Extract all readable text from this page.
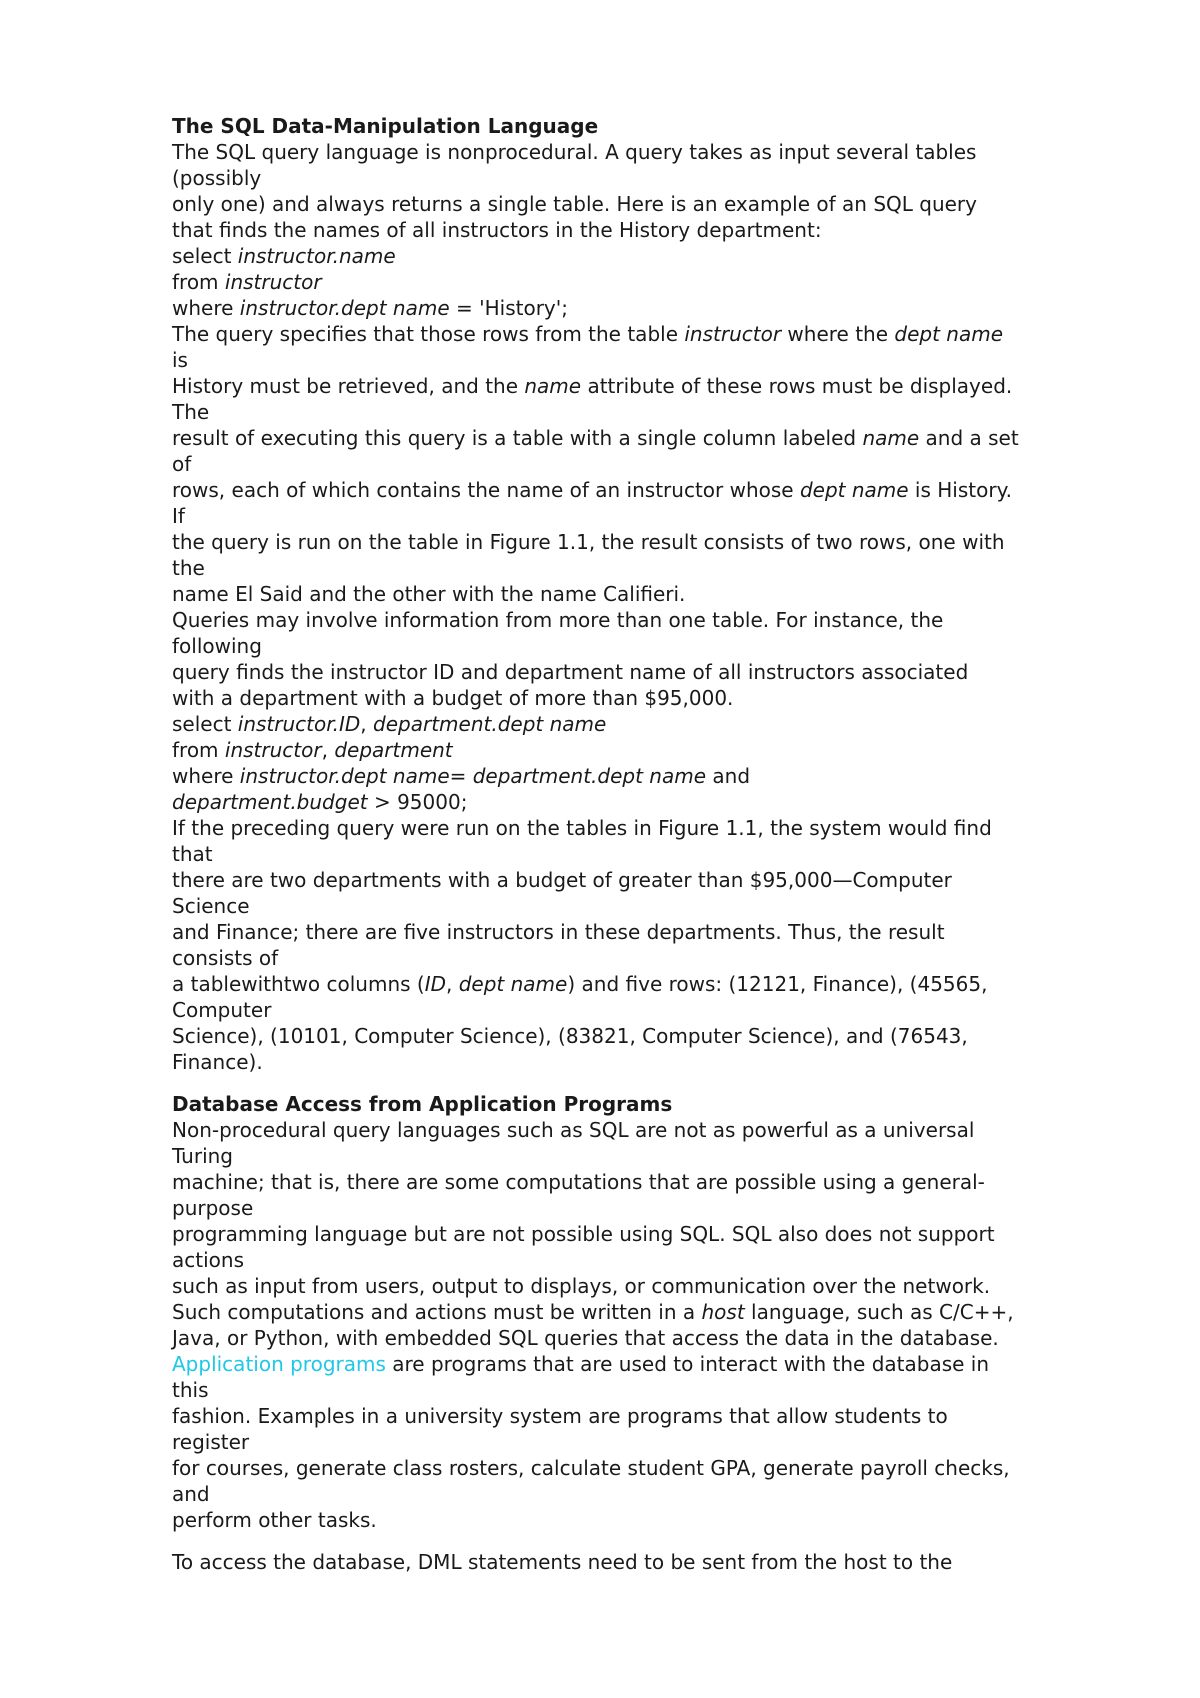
The SQL Data-Manipulation Language
The SQL query language is nonprocedural. A query takes as input several tables
(possibly
only one) and always returns a single table. Here is an example of an SQL query
that finds the names of all instructors in the History department:
select instructor.name
from instructor
where instructor.dept name = 'History';
The query specifies that those rows from the table instructor where the dept name
is
History must be retrieved, and the name attribute of these rows must be displayed.
The
result of executing this query is a table with a single column labeled name and a set
of
rows, each of which contains the name of an instructor whose dept name is History.
If
the query is run on the table in Figure 1.1, the result consists of two rows, one with
the
name El Said and the other with the name Califieri.
Queries may involve information from more than one table. For instance, the
following
query finds the instructor ID and department name of all instructors associated
with a department with a budget of more than $95,000.
select instructor.ID, department.dept name
from instructor, department
where instructor.dept name= department.dept name and
department.budget > 95000;
If the preceding query were run on the tables in Figure 1.1, the system would find
that
there are two departments with a budget of greater than $95,000—Computer
Science
and Finance; there are five instructors in these departments. Thus, the result
consists of
a tablewithtwo columns (ID, dept name) and five rows: (12121, Finance), (45565,
Computer
Science), (10101, Computer Science), (83821, Computer Science), and (76543,
Finance).
Database Access from Application Programs
Non-procedural query languages such as SQL are not as powerful as a universal
Turing
machine; that is, there are some computations that are possible using a general-
purpose
programming language but are not possible using SQL. SQL also does not support
actions
such as input from users, output to displays, or communication over the network.
Such computations and actions must be written in a host language, such as C/C++,
Java, or Python, with embedded SQL queries that access the data in the database.
Application programs are programs that are used to interact with the database in
this
fashion. Examples in a university system are programs that allow students to
register
for courses, generate class rosters, calculate student GPA, generate payroll checks,
and
perform other tasks.
To access the database, DML statements need to be sent from the host to the
